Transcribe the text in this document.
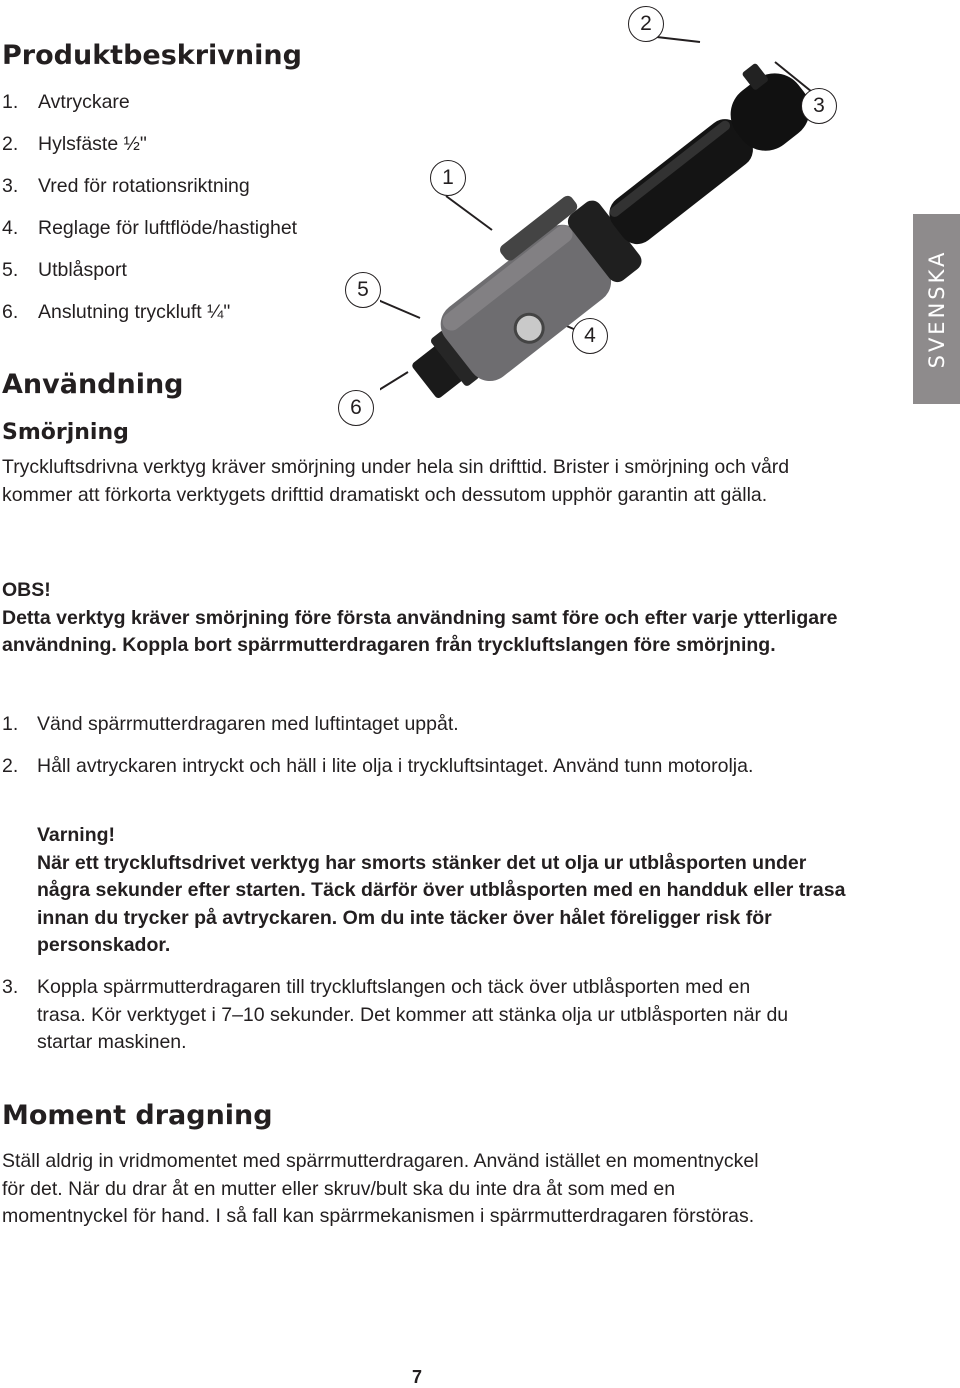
Produktbeskrivning
1. Avtryckare
2. Hylsfäste ½"
3. Vred för rotationsriktning
4. Reglage för luftflöde/hastighet
5. Utblåsport
6. Anslutning tryckluft ¼"
1
2
3
4
5
6
SVENSKA
Användning
Smörjning

Tryckluftsdrivna verktyg kräver smörjning under hela sin drifttid. Brister i smörjning och vård kommer att förkorta verktygets drifttid dramatiskt och dessutom upphör garantin att gälla.

OBS!
Detta verktyg kräver smörjning före första användning samt före och efter varje ytterligare användning. Koppla bort spärrmutterdragaren från tryckluftslangen före smörjning.
1. Vänd spärrmutterdragaren med luftintaget uppåt.
2. Håll avtryckaren intryckt och häll i lite olja i tryckluftsintaget. Använd tunn motorolja.
Varning!
När ett tryckluftsdrivet verktyg har smorts stänker det ut olja ur utblåsporten under några sekunder efter starten. Täck därför över utblåsporten med en handduk eller trasa innan du trycker på avtryckaren. Om du inte täcker över hålet föreligger risk för personskador.
3. Koppla spärrmutterdragaren till tryckluftslangen och täck över utblåsporten med en trasa. Kör verktyget i 7–10 sekunder. Det kommer att stänka olja ur utblåsporten när du startar maskinen.
Moment dragning

Ställ aldrig in vridmomentet med spärrmutterdragaren. Använd istället en momentnyckel för det. När du drar åt en mutter eller skruv/bult ska du inte dra åt som med en momentnyckel för hand. I så fall kan spärrmekanismen i spärrmutterdragaren förstöras.

7
